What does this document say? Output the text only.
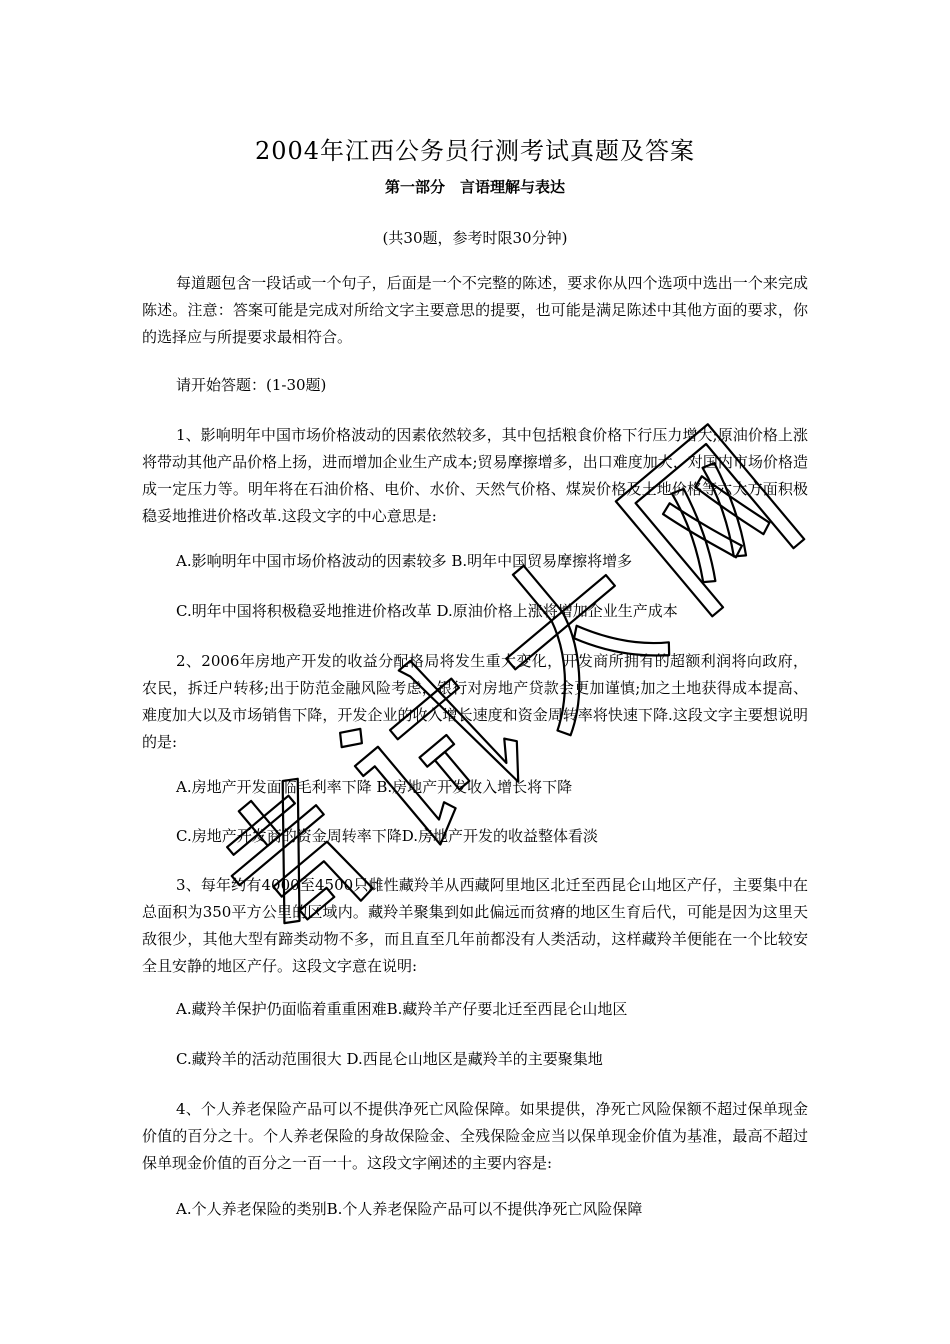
2004年江西公务员行测考试真题及答案
第一部分　言语理解与表达
(共30题，参考时限30分钟)
每道题包含一段话或一个句子，后面是一个不完整的陈述，要求你从四个选项中选出一个来完成陈述。注意：答案可能是完成对所给文字主要意思的提要，也可能是满足陈述中其他方面的要求，你的选择应与所提要求最相符合。
请开始答题：(1-30题)
1、影响明年中国市场价格波动的因素依然较多，其中包括粮食价格下行压力增大;原油价格上涨将带动其他产品价格上扬，进而增加企业生产成本;贸易摩擦增多，出口难度加大，对国内市场价格造成一定压力等。明年将在石油价格、电价、水价、天然气价格、煤炭价格及土地价格等六大方面积极稳妥地推进价格改革.这段文字的中心意思是:
A.影响明年中国市场价格波动的因素较多 B.明年中国贸易摩擦将增多
C.明年中国将积极稳妥地推进价格改革 D.原油价格上涨将增加企业生产成本
2、2006年房地产开发的收益分配格局将发生重大变化，开发商所拥有的超额利润将向政府，农民，拆迁户转移;出于防范金融风险考虑，银行对房地产贷款会更加谨慎;加之土地获得成本提高、难度加大以及市场销售下降，开发企业的收入增长速度和资金周转率将快速下降.这段文字主要想说明的是:
A.房地产开发面临毛利率下降 B.房地产开发收入增长将下降
C.房地产开发商的资金周转率下降D.房地产开发的收益整体看淡
3、每年约有4000至4500只雌性藏羚羊从西藏阿里地区北迁至西昆仑山地区产仔，主要集中在总面积为350平方公里的区域内。藏羚羊聚集到如此偏远而贫瘠的地区生育后代，可能是因为这里天敌很少，其他大型有蹄类动物不多，而且直至几年前都没有人类活动，这样藏羚羊便能在一个比较安全且安静的地区产仔。这段文字意在说明:
A.藏羚羊保护仍面临着重重困难B.藏羚羊产仔要北迁至西昆仑山地区
C.藏羚羊的活动范围很大 D.西昆仑山地区是藏羚羊的主要聚集地
4、个人养老保险产品可以不提供净死亡风险保障。如果提供，净死亡风险保额不超过保单现金价值的百分之十。个人养老保险的身故保险金、全残保险金应当以保单现金价值为基准，最高不超过保单现金价值的百分之一百一十。这段文字阐述的主要内容是:
A.个人养老保险的类别B.个人养老保险产品可以不提供净死亡风险保障
